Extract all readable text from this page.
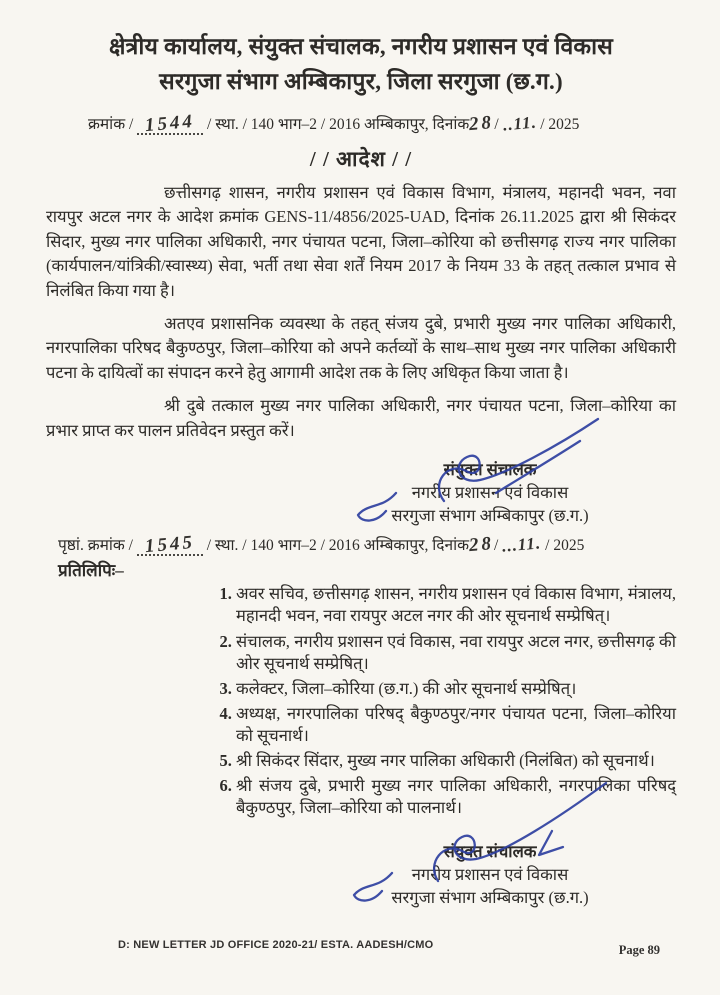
क्षेत्रीय कार्यालय, संयुक्त संचालक, नगरीय प्रशासन एवं विकास
सरगुजा संभाग अम्बिकापुर, जिला सरगुजा (छ.ग.)
क्रमांक / 1544 / स्था. / 140 भाग–2 / 2016 अम्बिकापुर, दिनांक28/ ..11. / 2025
/ / आदेश / /

छत्तीसगढ़ शासन, नगरीय प्रशासन एवं विकास विभाग, मंत्रालय, महानदी भवन, नवा रायपुर अटल नगर के आदेश क्रमांक GENS-11/4856/2025-UAD, दिनांक 26.11.2025 द्वारा श्री सिकंदर सिदार, मुख्य नगर पालिका अधिकारी, नगर पंचायत पटना, जिला–कोरिया को छत्तीसगढ़ राज्य नगर पालिका (कार्यपालन/यांत्रिकी/स्वास्थ्य) सेवा, भर्ती तथा सेवा शर्तें नियम 2017 के नियम 33 के तहत् तत्काल प्रभाव से निलंबित किया गया है।

अतएव प्रशासनिक व्यवस्था के तहत् संजय दुबे, प्रभारी मुख्य नगर पालिका अधिकारी, नगरपालिका परिषद बैकुण्ठपुर, जिला–कोरिया को अपने कर्तव्यों के साथ–साथ मुख्य नगर पालिका अधिकारी पटना के दायित्वों का संपादन करने हेतु आगामी आदेश तक के लिए अधिकृत किया जाता है।

श्री दुबे तत्काल मुख्य नगर पालिका अधिकारी, नगर पंचायत पटना, जिला–कोरिया का प्रभार प्राप्त कर पालन प्रतिवेदन प्रस्तुत करें।

संयुक्त संचालक
नगरीय प्रशासन एवं विकास
सरगुजा संभाग अम्बिकापुर (छ.ग.)
पृष्ठां. क्रमांक / 1545 / स्था. / 140 भाग–2 / 2016 अम्बिकापुर, दिनांक28/ ...11. / 2025
प्रतिलिपिः–
1. अवर सचिव, छत्तीसगढ़ शासन, नगरीय प्रशासन एवं विकास विभाग, मंत्रालय, महानदी भवन, नवा रायपुर अटल नगर की ओर सूचनार्थ सम्प्रेषित्।
2. संचालक, नगरीय प्रशासन एवं विकास, नवा रायपुर अटल नगर, छत्तीसगढ़ की ओर सूचनार्थ सम्प्रेषित्।
3. कलेक्टर, जिला–कोरिया (छ.ग.) की ओर सूचनार्थ सम्प्रेषित्।
4. अध्यक्ष, नगरपालिका परिषद् बैकुण्ठपुर/नगर पंचायत पटना, जिला–कोरिया को सूचनार्थ।
5. श्री सिकंदर सिंदार, मुख्य नगर पालिका अधिकारी (निलंबित) को सूचनार्थ।
6. श्री संजय दुबे, प्रभारी मुख्य नगर पालिका अधिकारी, नगरपालिका परिषद् बैकुण्ठपुर, जिला–कोरिया को पालनार्थ।
संयुक्त संचालक
नगरीय प्रशासन एवं विकास
सरगुजा संभाग अम्बिकापुर (छ.ग.)
D: NEW LETTER JD OFFICE 2020-21/ ESTA. AADESH/CMO	Page 89
